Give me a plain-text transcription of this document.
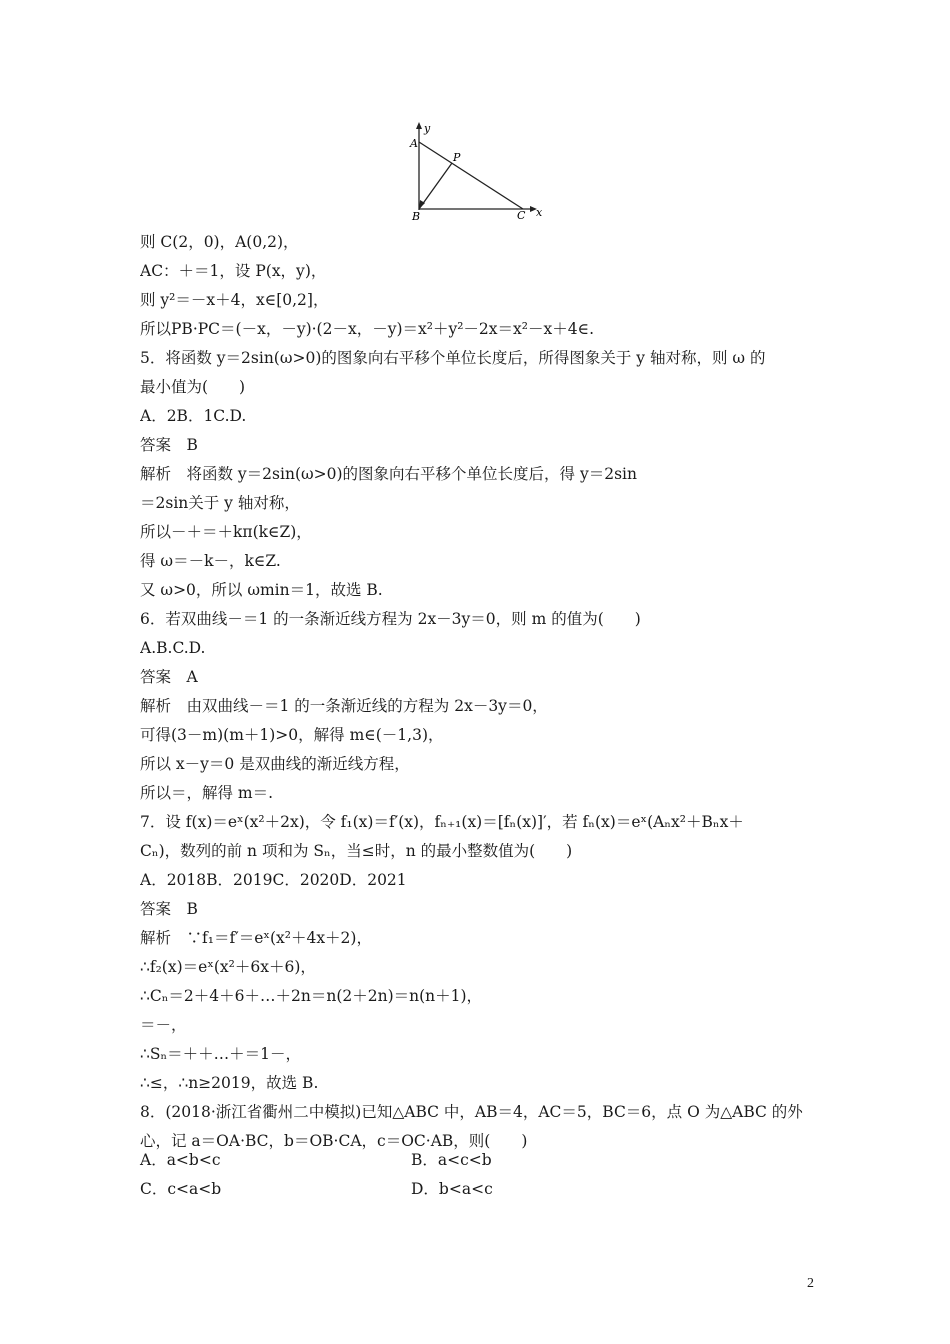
y
A
P
B	C x
则 C(2，0)，A(0,2)，
AC：＋＝1，设 P(x，y)，
则 y²＝－x＋4，x∈[0,2]，
所以PB·PC＝(－x，－y)·(2－x，－y)＝x²＋y²－2x＝x²－x＋4∈.
5．将函数 y＝2sin(ω>0)的图象向右平移个单位长度后，所得图象关于 y 轴对称，则 ω 的
最小值为(　　)
A．2B．1C.D.
答案　B
解析　将函数 y＝2sin(ω>0)的图象向右平移个单位长度后，得 y＝2sin
＝2sin关于 y 轴对称，
所以－＋＝＋kπ(k∈Z)，
得 ω＝－k－，k∈Z.
又 ω>0，所以 ωmin＝1，故选 B.
6．若双曲线－＝1 的一条渐近线方程为 2x－3y＝0，则 m 的值为(　　)
A.B.C.D.
答案　A
解析　由双曲线－＝1 的一条渐近线的方程为 2x－3y＝0，
可得(3－m)(m＋1)>0，解得 m∈(－1,3)，
所以 x－y＝0 是双曲线的渐近线方程，
所以＝，解得 m＝.
7．设 f(x)＝eˣ(x²＋2x)，令 f₁(x)＝f′(x)，fₙ₊₁(x)＝[fₙ(x)]′，若 fₙ(x)＝eˣ(Aₙx²＋Bₙx＋
Cₙ)，数列的前 n 项和为 Sₙ，当≤时，n 的最小整数值为(　　)
A．2018B．2019C．2020D．2021
答案　B
解析　∵f₁＝f′＝eˣ(x²＋4x＋2)，
∴f₂(x)＝eˣ(x²＋6x＋6)，
∴Cₙ＝2＋4＋6＋…＋2n＝n(2＋2n)＝n(n＋1)，
＝－，
∴Sₙ＝＋＋…＋＝1－，
∴≤，∴n≥2019，故选 B.
8．(2018·浙江省衢州二中模拟)已知△ABC 中，AB＝4，AC＝5，BC＝6，点 O 为△ABC 的外
心，记 a＝OA·BC，b＝OB·CA，c＝OC·AB，则(　　)
A．a<b<c	B．a<c<b
C．c<a<b	D．b<a<c
2
